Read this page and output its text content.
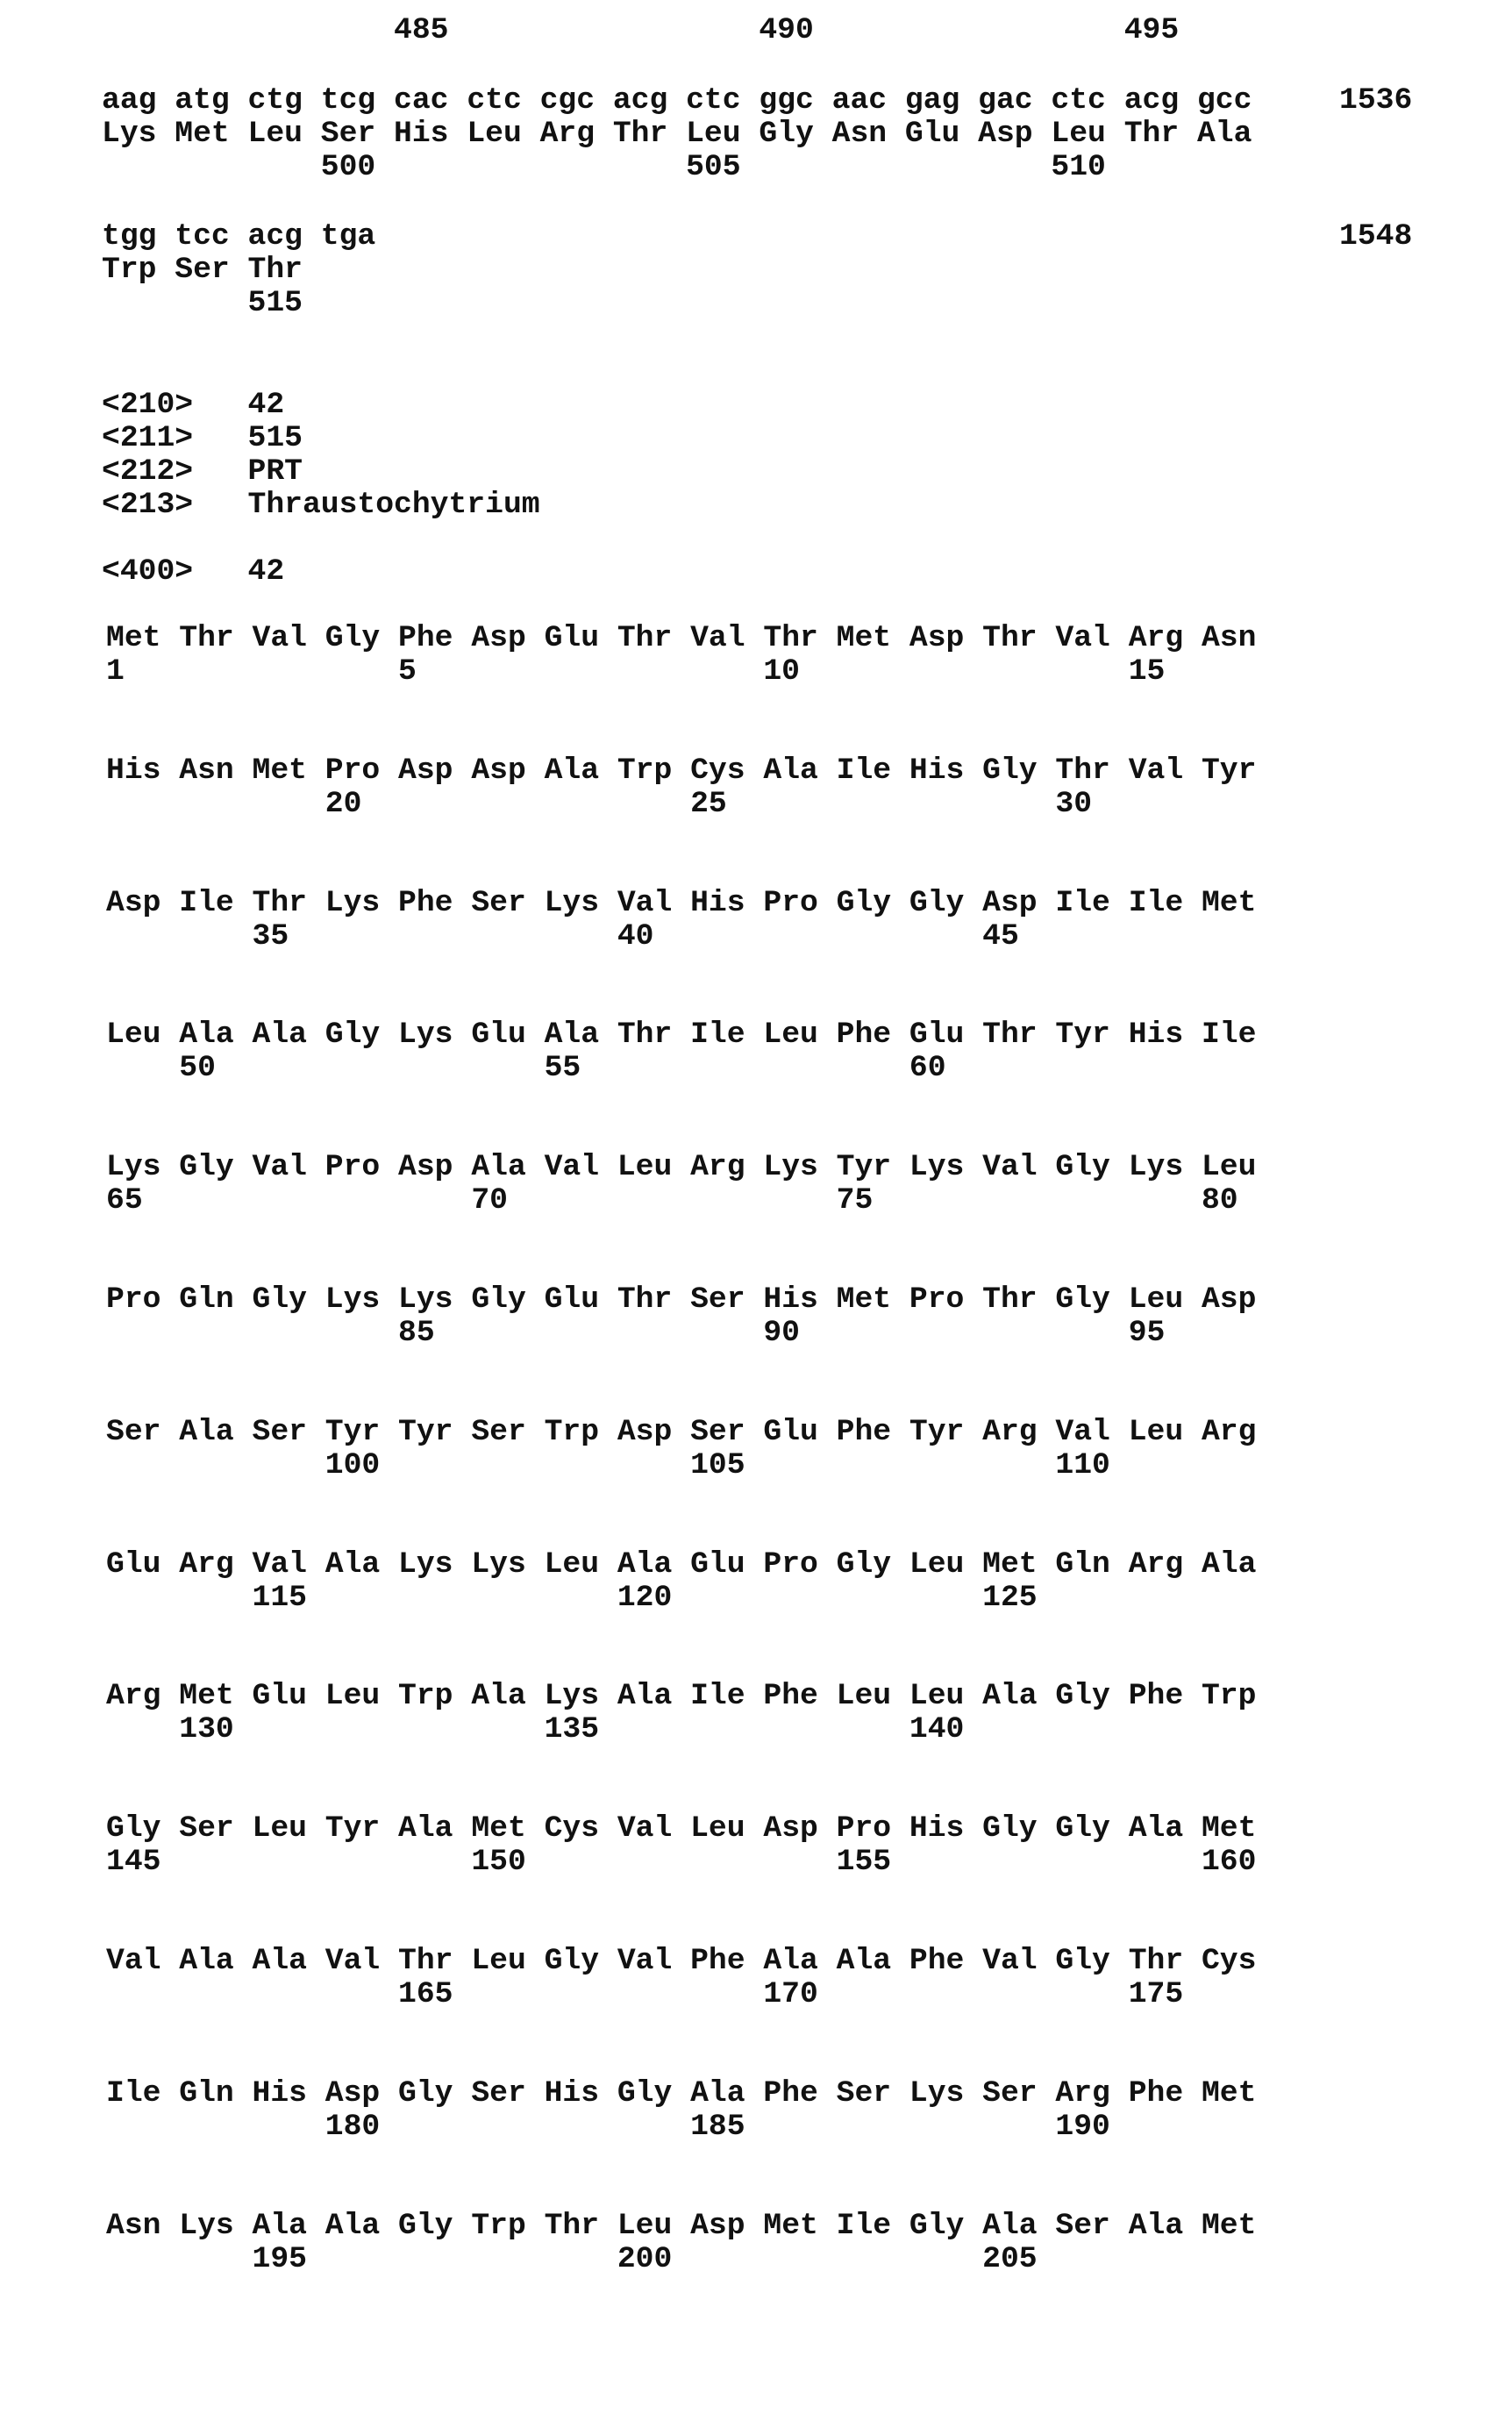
485	490	495
aag atg ctg tcg cac ctc cgc acg ctc ggc aac gag gac ctc acg gcc	1536
Lys Met Leu Ser His Leu Arg Thr Leu Gly Asn Glu Asp Leu Thr Ala
500	505	510
tgg tcc acg tga	1548
Trp Ser Thr
515
<210> 42
<211> 515
<212> PRT
<213> Thraustochytrium
<400> 42
Met Thr Val Gly Phe Asp Glu Thr Val Thr Met Asp Thr Val Arg Asn
1	5	10	15
His Asn Met Pro Asp Asp Ala Trp Cys Ala Ile His Gly Thr Val Tyr
20	25	30
Asp Ile Thr Lys Phe Ser Lys Val His Pro Gly Gly Asp Ile Ile Met
35	40	45
Leu Ala Ala Gly Lys Glu Ala Thr Ile Leu Phe Glu Thr Tyr His Ile
50	55	60
Lys Gly Val Pro Asp Ala Val Leu Arg Lys Tyr Lys Val Gly Lys Leu
65	70	75	80
Pro Gln Gly Lys Lys Gly Glu Thr Ser His Met Pro Thr Gly Leu Asp
85	90	95
Ser Ala Ser Tyr Tyr Ser Trp Asp Ser Glu Phe Tyr Arg Val Leu Arg
100	105	110
Glu Arg Val Ala Lys Lys Leu Ala Glu Pro Gly Leu Met Gln Arg Ala
115	120	125
Arg Met Glu Leu Trp Ala Lys Ala Ile Phe Leu Leu Ala Gly Phe Trp
130	135	140
Gly Ser Leu Tyr Ala Met Cys Val Leu Asp Pro His Gly Gly Ala Met
145	150	155	160
Val Ala Ala Val Thr Leu Gly Val Phe Ala Ala Phe Val Gly Thr Cys
165	170	175
Ile Gln His Asp Gly Ser His Gly Ala Phe Ser Lys Ser Arg Phe Met
180	185	190
Asn Lys Ala Ala Gly Trp Thr Leu Asp Met Ile Gly Ala Ser Ala Met
195	200	205
